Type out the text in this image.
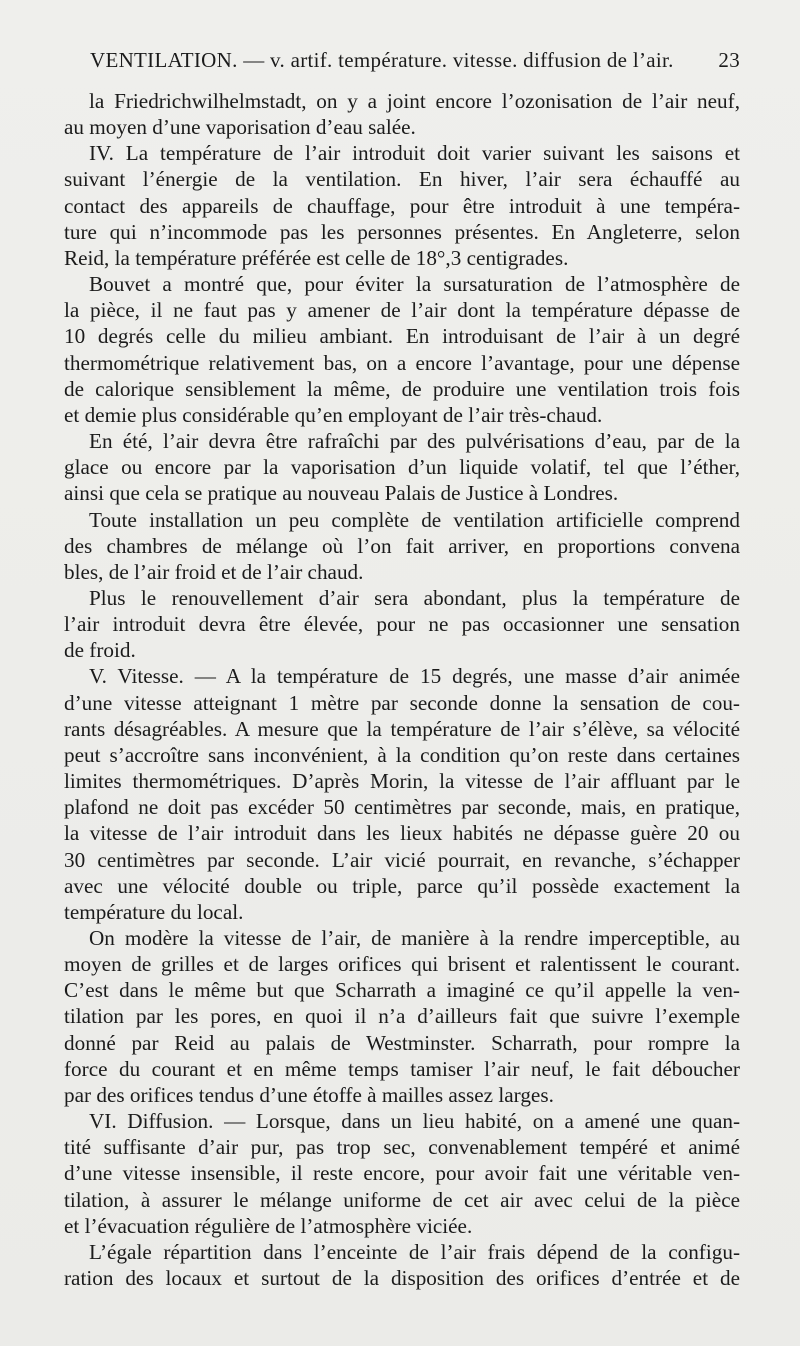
VENTILATION. — v. artif. température. vitesse. diffusion de l’air. 23

la Friedrichwilhelmstadt, on y a joint encore l’ozonisation de l’air neuf,

au moyen d’une vaporisation d’eau salée.

IV. La température de l’air introduit doit varier suivant les saisons et

suivant l’énergie de la ventilation. En hiver, l’air sera échauffé au

contact des appareils de chauffage, pour être introduit à une tempéra-

ture qui n’incommode pas les personnes présentes. En Angleterre, selon

Reid, la température préférée est celle de 18°,3 centigrades.

Bouvet a montré que, pour éviter la sursaturation de l’atmosphère de

la pièce, il ne faut pas y amener de l’air dont la température dépasse de

10 degrés celle du milieu ambiant. En introduisant de l’air à un degré

thermométrique relativement bas, on a encore l’avantage, pour une dépense

de calorique sensiblement la même, de produire une ventilation trois fois

et demie plus considérable qu’en employant de l’air très-chaud.

En été, l’air devra être rafraîchi par des pulvérisations d’eau, par de la

glace ou encore par la vaporisation d’un liquide volatif, tel que l’éther,

ainsi que cela se pratique au nouveau Palais de Justice à Londres.

Toute installation un peu complète de ventilation artificielle comprend

des chambres de mélange où l’on fait arriver, en proportions convena

bles, de l’air froid et de l’air chaud.

Plus le renouvellement d’air sera abondant, plus la température de

l’air introduit devra être élevée, pour ne pas occasionner une sensation

de froid.

V. Vitesse. — A la température de 15 degrés, une masse d’air animée

d’une vitesse atteignant 1 mètre par seconde donne la sensation de cou-

rants désagréables. A mesure que la température de l’air s’élève, sa vélocité

peut s’accroître sans inconvénient, à la condition qu’on reste dans certaines

limites thermométriques. D’après Morin, la vitesse de l’air affluant par le

plafond ne doit pas excéder 50 centimètres par seconde, mais, en pratique,

la vitesse de l’air introduit dans les lieux habités ne dépasse guère 20 ou

30 centimètres par seconde. L’air vicié pourrait, en revanche, s’échapper

avec une vélocité double ou triple, parce qu’il possède exactement la

température du local.

On modère la vitesse de l’air, de manière à la rendre imperceptible, au

moyen de grilles et de larges orifices qui brisent et ralentissent le courant.

C’est dans le même but que Scharrath a imaginé ce qu’il appelle la ven-

tilation par les pores, en quoi il n’a d’ailleurs fait que suivre l’exemple

donné par Reid au palais de Westminster. Scharrath, pour rompre la

force du courant et en même temps tamiser l’air neuf, le fait déboucher

par des orifices tendus d’une étoffe à mailles assez larges.

VI. Diffusion. — Lorsque, dans un lieu habité, on a amené une quan-

tité suffisante d’air pur, pas trop sec, convenablement tempéré et animé

d’une vitesse insensible, il reste encore, pour avoir fait une véritable ven-

tilation, à assurer le mélange uniforme de cet air avec celui de la pièce

et l’évacuation régulière de l’atmosphère viciée.

L’égale répartition dans l’enceinte de l’air frais dépend de la configu-

ration des locaux et surtout de la disposition des orifices d’entrée et de
